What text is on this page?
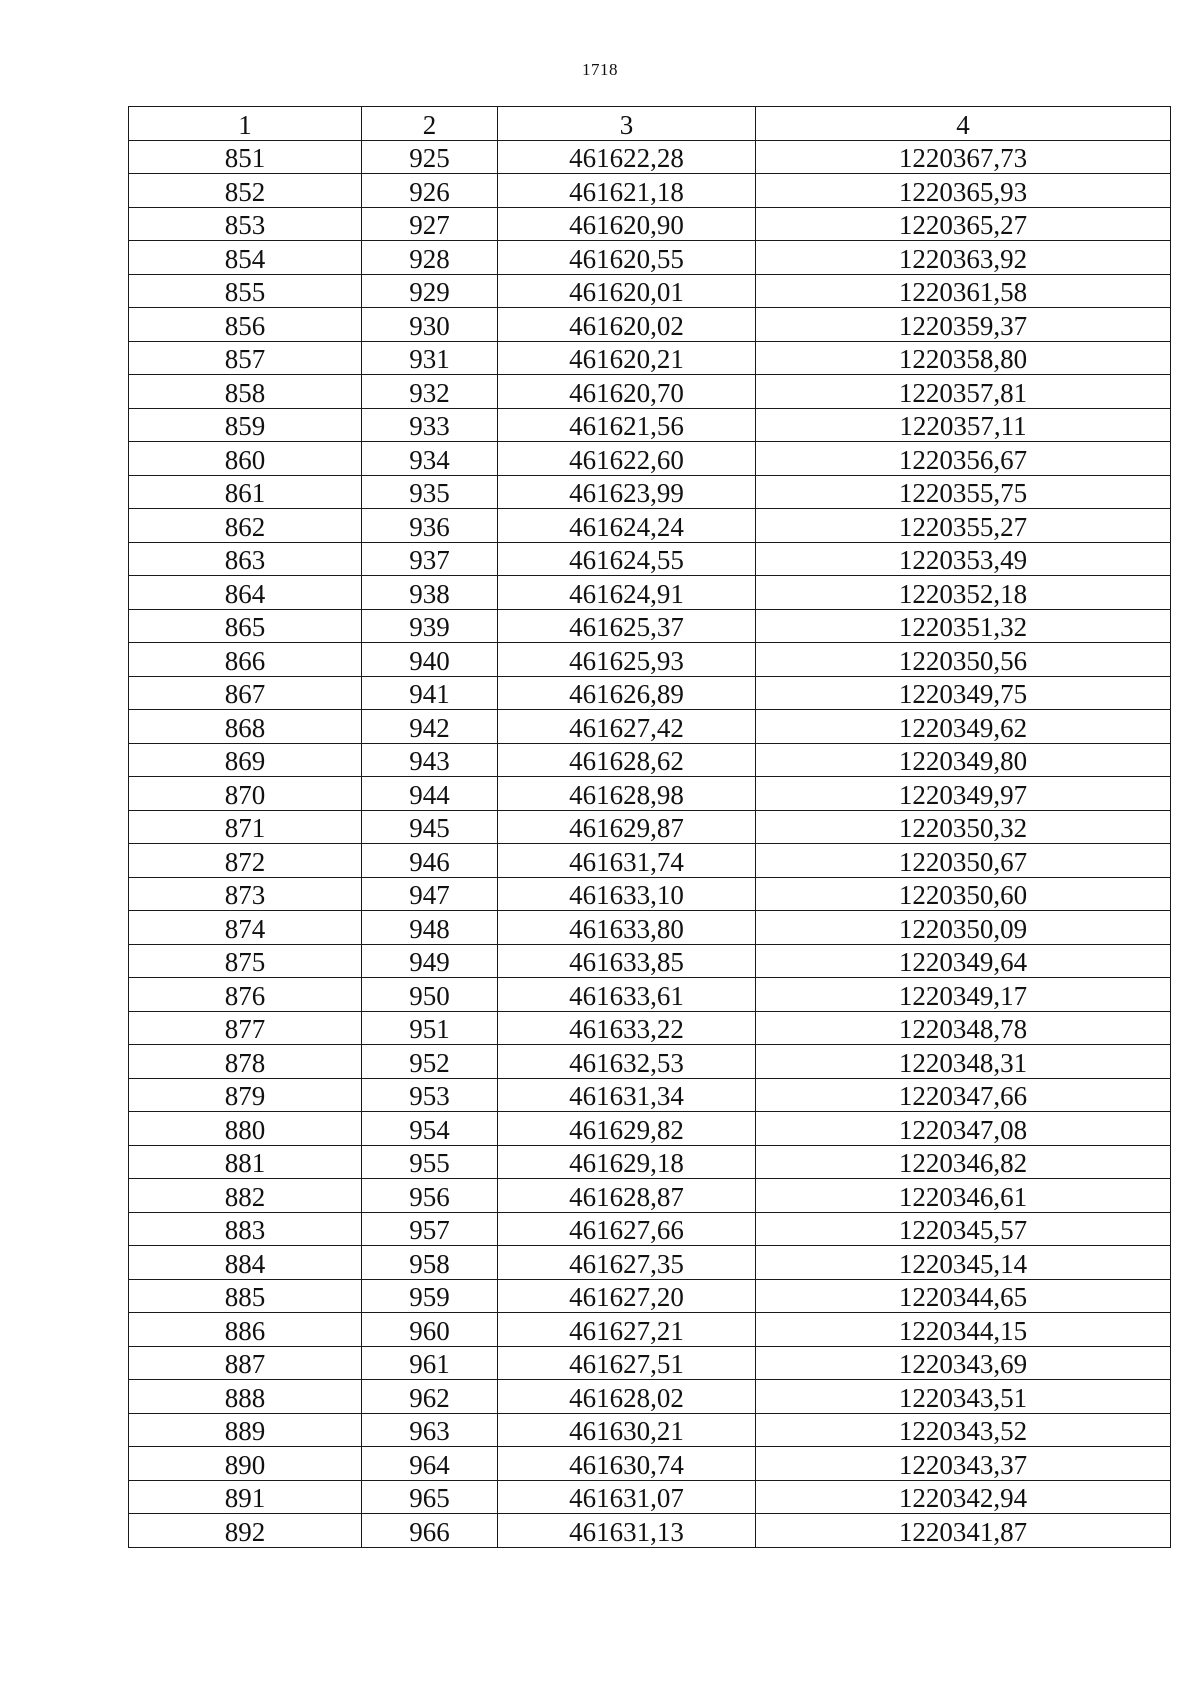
1718
1	2	3	4
851	925	461622,28	1220367,73
852	926	461621,18	1220365,93
853	927	461620,90	1220365,27
854	928	461620,55	1220363,92
855	929	461620,01	1220361,58
856	930	461620,02	1220359,37
857	931	461620,21	1220358,80
858	932	461620,70	1220357,81
859	933	461621,56	1220357,11
860	934	461622,60	1220356,67
861	935	461623,99	1220355,75
862	936	461624,24	1220355,27
863	937	461624,55	1220353,49
864	938	461624,91	1220352,18
865	939	461625,37	1220351,32
866	940	461625,93	1220350,56
867	941	461626,89	1220349,75
868	942	461627,42	1220349,62
869	943	461628,62	1220349,80
870	944	461628,98	1220349,97
871	945	461629,87	1220350,32
872	946	461631,74	1220350,67
873	947	461633,10	1220350,60
874	948	461633,80	1220350,09
875	949	461633,85	1220349,64
876	950	461633,61	1220349,17
877	951	461633,22	1220348,78
878	952	461632,53	1220348,31
879	953	461631,34	1220347,66
880	954	461629,82	1220347,08
881	955	461629,18	1220346,82
882	956	461628,87	1220346,61
883	957	461627,66	1220345,57
884	958	461627,35	1220345,14
885	959	461627,20	1220344,65
886	960	461627,21	1220344,15
887	961	461627,51	1220343,69
888	962	461628,02	1220343,51
889	963	461630,21	1220343,52
890	964	461630,74	1220343,37
891	965	461631,07	1220342,94
892	966	461631,13	1220341,87
